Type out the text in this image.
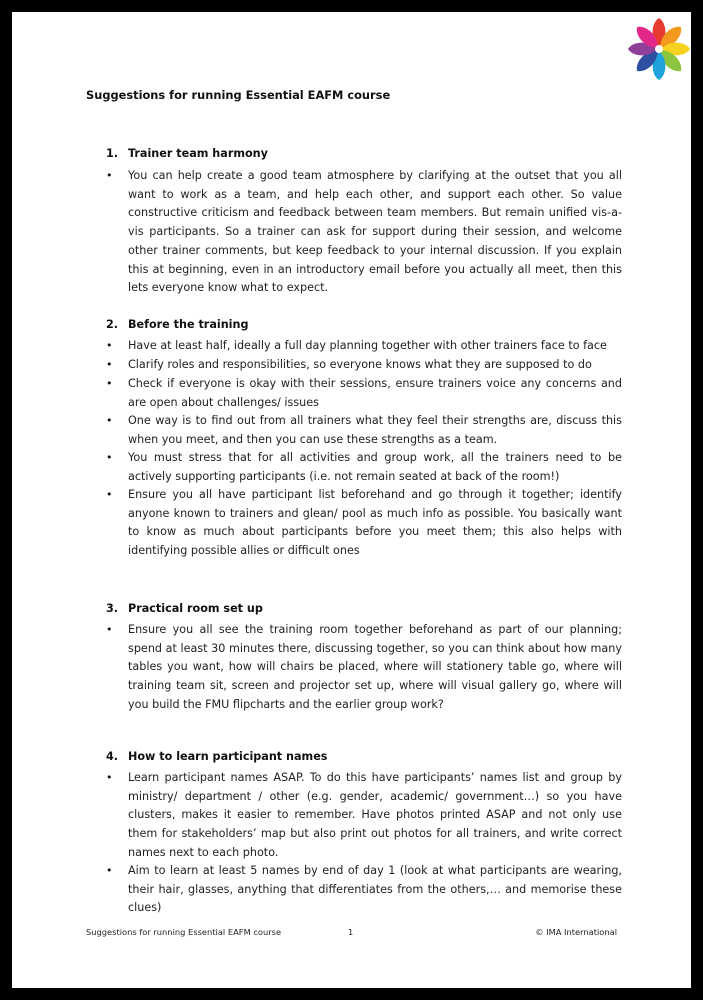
Suggestions for running Essential EAFM course
1. Trainer team harmony
• You can help create a good team atmosphere by clarifying at the outset that you all want to work as a team, and help each other, and support each other. So value constructive criticism and feedback between team members. But remain unified vis-a-vis participants. So a trainer can ask for support during their session, and welcome other trainer comments, but keep feedback to your internal discussion. If you explain this at beginning, even in an introductory email before you actually all meet, then this lets everyone know what to expect.
2. Before the training
• Have at least half, ideally a full day planning together with other trainers face to face
• Clarify roles and responsibilities, so everyone knows what they are supposed to do
• Check if everyone is okay with their sessions, ensure trainers voice any concerns and are open about challenges/ issues
• One way is to find out from all trainers what they feel their strengths are, discuss this when you meet, and then you can use these strengths as a team.
• You must stress that for all activities and group work, all the trainers need to be actively supporting participants (i.e. not remain seated at back of the room!)
• Ensure you all have participant list beforehand and go through it together; identify anyone known to trainers and glean/ pool as much info as possible. You basically want to know as much about participants before you meet them; this also helps with identifying possible allies or difficult ones
3. Practical room set up
• Ensure you all see the training room together beforehand as part of our planning; spend at least 30 minutes there, discussing together, so you can think about how many tables you want, how will chairs be placed, where will stationery table go, where will training team sit, screen and projector set up, where will visual gallery go, where will you build the FMU flipcharts and the earlier group work?
4. How to learn participant names
• Learn participant names ASAP. To do this have participants’ names list and group by ministry/ department / other (e.g. gender, academic/ government…) so you have clusters, makes it easier to remember. Have photos printed ASAP and not only use them for stakeholders’ map but also print out photos for all trainers, and write correct names next to each photo.
• Aim to learn at least 5 names by end of day 1 (look at what participants are wearing, their hair, glasses, anything that differentiates from the others,… and memorise these clues)
Suggestions for running Essential EAFM course	1	© IMA International
